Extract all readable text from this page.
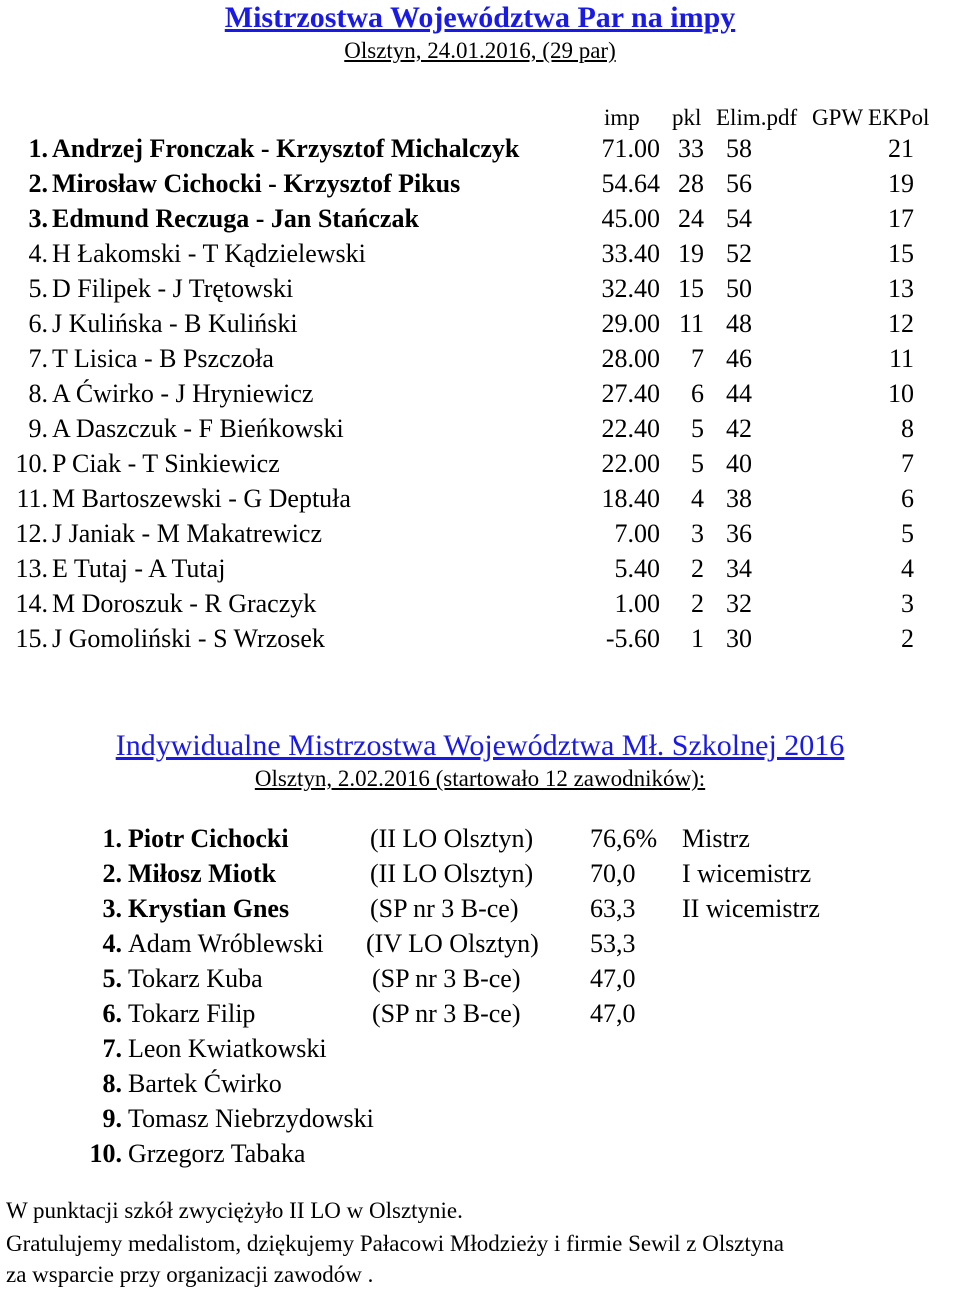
Mistrzostwa Województwa Par na impy
Olsztyn, 24.01.2016, (29 par)
imp	pkl Elim.pdf GPW EKPol
1. Andrzej Fronczak - Krzysztof Michalczyk	71.00 33 58	21
2. Mirosław Cichocki - Krzysztof Pikus	54.64 28 56	19
3. Edmund Reczuga - Jan Stańczak	45.00 24 54	17
4. H Łakomski - T Kądzielewski	33.40 19 52	15
5. D Filipek - J Trętowski	32.40 15 50	13
6. J Kulińska - B Kuliński	29.00 11 48	12
7. T Lisica - B Pszczoła	28.00	7 46	11
8. A Ćwirko - J Hryniewicz	27.40	6 44	10
9. A Daszczuk - F Bieńkowski	22.40	5 42	8
10. P Ciak - T Sinkiewicz	22.00	5 40	7
11. M Bartoszewski - G Deptuła	18.40	4 38	6
12. J Janiak - M Makatrewicz	7.00	3 36	5
13. E Tutaj - A Tutaj	5.40	2 34	4
14. M Doroszuk - R Graczyk	1.00	2 32	3
15. J Gomoliński - S Wrzosek	-5.60	1 30	2
Indywidualne Mistrzostwa Województwa Mł. Szkolnej 2016
Olsztyn, 2.02.2016 (startowało 12 zawodników):
1. Piotr Cichocki	(II LO Olsztyn)	76,6% Mistrz
2. Miłosz Miotk	(II LO Olsztyn)	70,0	I wicemistrz
3. Krystian Gnes	(SP nr 3 B-ce)	63,3	II wicemistrz
4. Adam Wróblewski	(IV LO Olsztyn)	53,3
5. Tokarz Kuba	(SP nr 3 B-ce)	47,0
6. Tokarz Filip	(SP nr 3 B-ce)	47,0
7. Leon Kwiatkowski
8. Bartek Ćwirko
9. Tomasz Niebrzydowski
10. Grzegorz Tabaka
W punktacji szkół zwyciężyło II LO w Olsztynie.
Gratulujemy medalistom, dziękujemy Pałacowi Młodzieży i firmie Sewil z Olsztyna
za wsparcie przy organizacji zawodów .
